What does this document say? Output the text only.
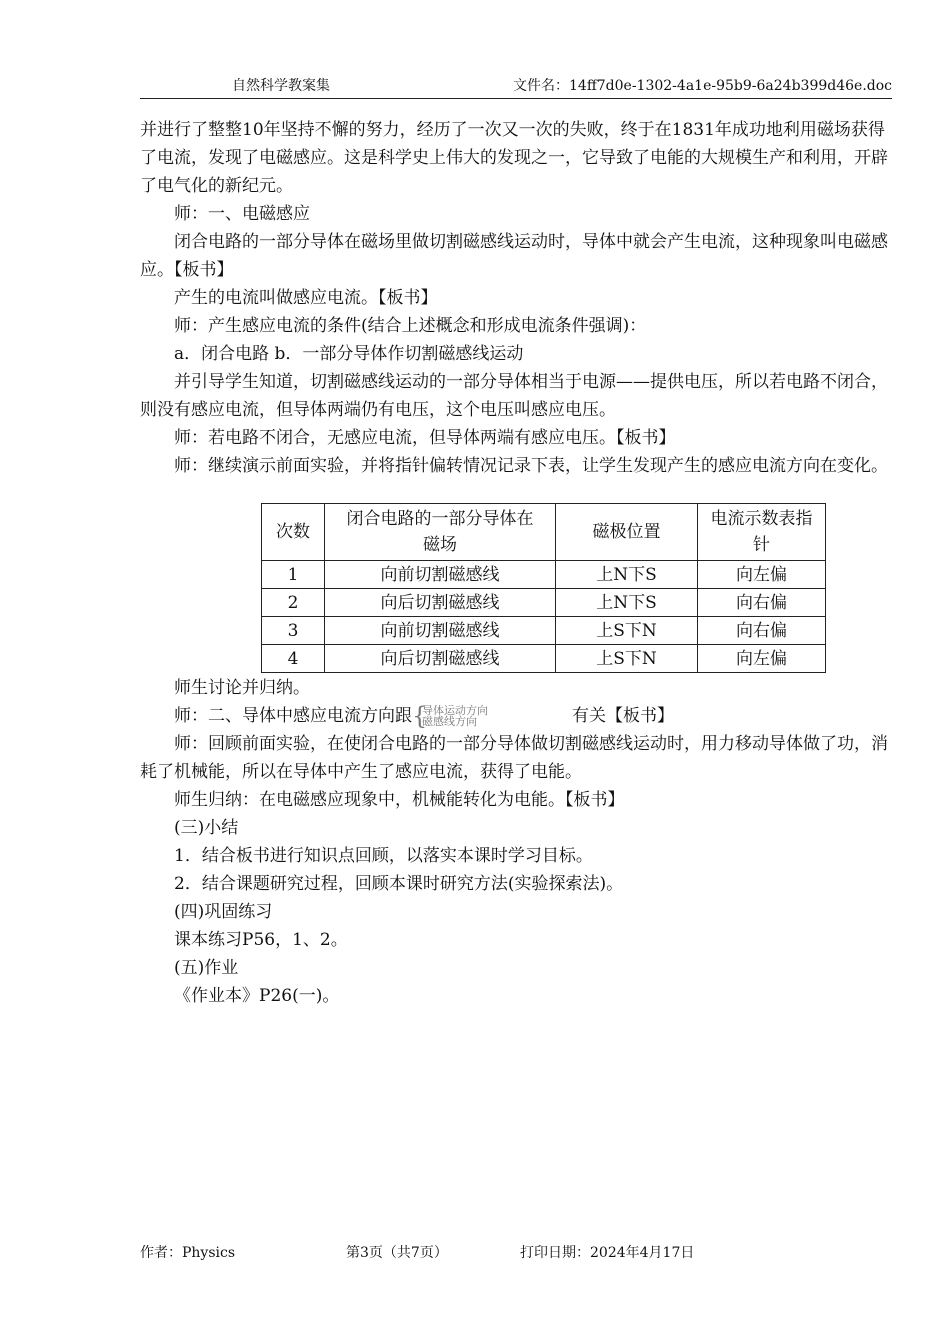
自然科学教案集	文件名：14ff7d0e-1302-4a1e-95b9-6a24b399d46e.doc

并进行了整整10年坚持不懈的努力，经历了一次又一次的失败，终于在1831年成功地利用磁场获得了电流，发现了电磁感应。这是科学史上伟大的发现之一，它导致了电能的大规模生产和利用，开辟了电气化的新纪元。

师：一、电磁感应

闭合电路的一部分导体在磁场里做切割磁感线运动时，导体中就会产生电流，这种现象叫电磁感应。【板书】

产生的电流叫做感应电流。【板书】

师：产生感应电流的条件(结合上述概念和形成电流条件强调)：

a．闭合电路 b．一部分导体作切割磁感线运动

并引导学生知道，切割磁感线运动的一部分导体相当于电源——提供电压，所以若电路不闭合，则没有感应电流，但导体两端仍有电压，这个电压叫感应电压。

师：若电路不闭合，无感应电流，但导体两端有感应电压。【板书】

师：继续演示前面实验，并将指针偏转情况记录下表，让学生发现产生的感应电流方向在变化。

次数	闭合电路的一部分导体在磁场	磁极位置	电流示数表指针
1	向前切割磁感线	上N下S	向左偏
2	向后切割磁感线	上N下S	向右偏
3	向前切割磁感线	上S下N	向右偏
4	向后切割磁感线	上S下N	向左偏

师生讨论并归纳。

师：二、导体中感应电流方向跟 { 导体运动方向
磁感线方向	有关【板书】

师：回顾前面实验，在使闭合电路的一部分导体做切割磁感线运动时，用力移动导体做了功，消耗了机械能，所以在导体中产生了感应电流，获得了电能。

师生归纳：在电磁感应现象中，机械能转化为电能。【板书】

(三)小结

1．结合板书进行知识点回顾，以落实本课时学习目标。

2．结合课题研究过程，回顾本课时研究方法(实验探索法)。

(四)巩固练习

课本练习P56，1、2。

(五)作业

《作业本》P26(一)。

作者：Physics	第3页（共7页）	打印日期：2024年4月17日
